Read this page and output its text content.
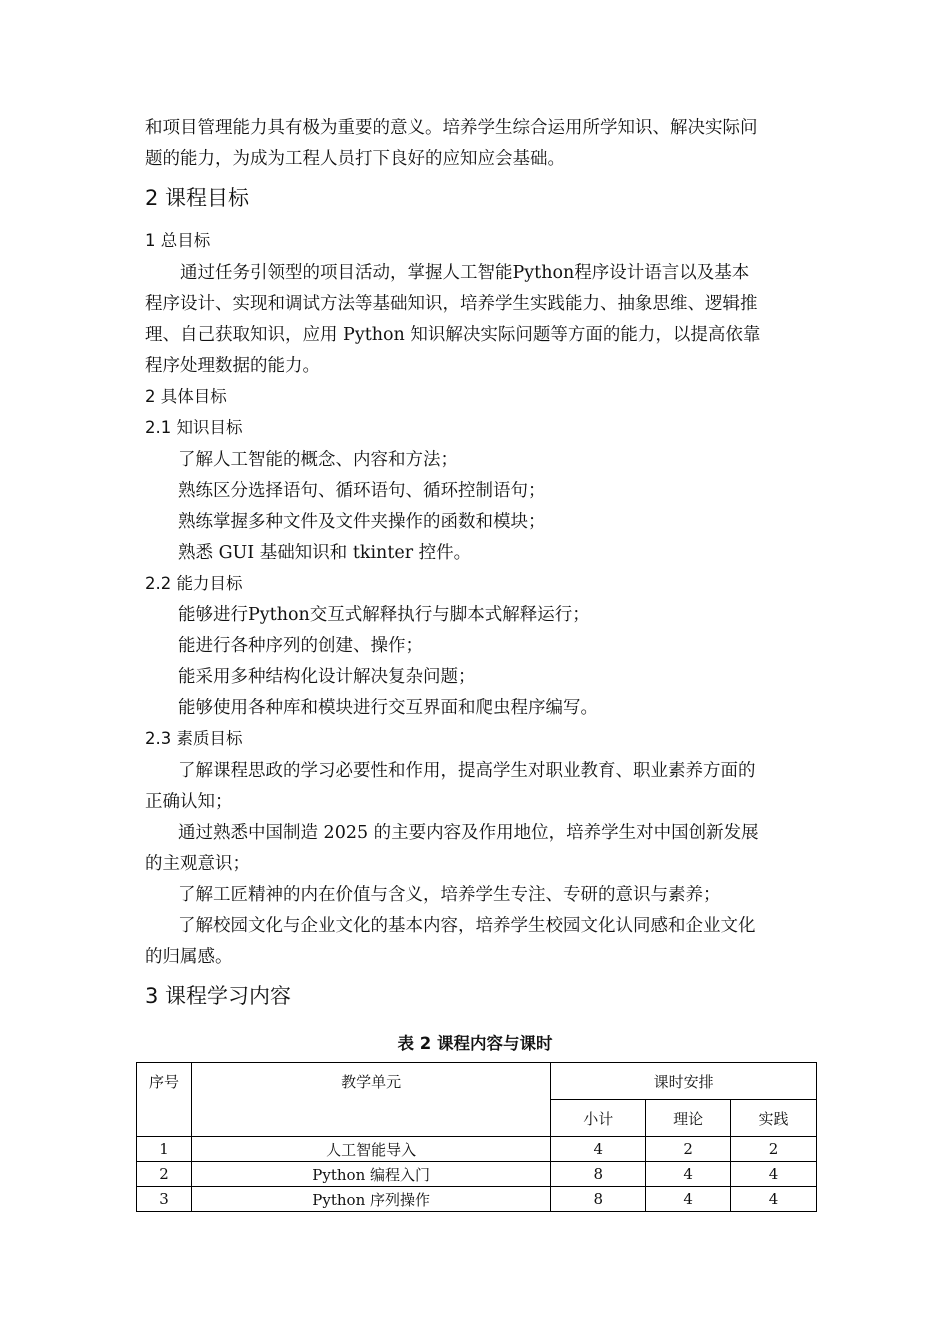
和项目管理能力具有极为重要的意义。培养学生综合运用所学知识、解决实际问
题的能力，为成为工程人员打下良好的应知应会基础。
2 课程目标
1 总目标
通过任务引领型的项目活动，掌握人工智能Python程序设计语言以及基本
程序设计、实现和调试方法等基础知识，培养学生实践能力、抽象思维、逻辑推
理、自己获取知识，应用 Python 知识解决实际问题等方面的能力，以提高依靠
程序处理数据的能力。
2 具体目标
2.1 知识目标
了解人工智能的概念、内容和方法；
熟练区分选择语句、循环语句、循环控制语句；
熟练掌握多种文件及文件夹操作的函数和模块；
熟悉 GUI 基础知识和 tkinter 控件。
2.2 能力目标
能够进行Python交互式解释执行与脚本式解释运行；
能进行各种序列的创建、操作；
能采用多种结构化设计解决复杂问题；
能够使用各种库和模块进行交互界面和爬虫程序编写。
2.3 素质目标
了解课程思政的学习必要性和作用，提高学生对职业教育、职业素养方面的
正确认知；
通过熟悉中国制造 2025 的主要内容及作用地位，培养学生对中国创新发展
的主观意识；
了解工匠精神的内在价值与含义，培养学生专注、专研的意识与素养；
了解校园文化与企业文化的基本内容，培养学生校园文化认同感和企业文化
的归属感。
3 课程学习内容
表 2 课程内容与课时
序号	教学单元	课时安排		
		小计	理论	实践
1	人工智能导入	4	2	2
2	Python 编程入门	8	4	4
3	Python 序列操作	8	4	4
